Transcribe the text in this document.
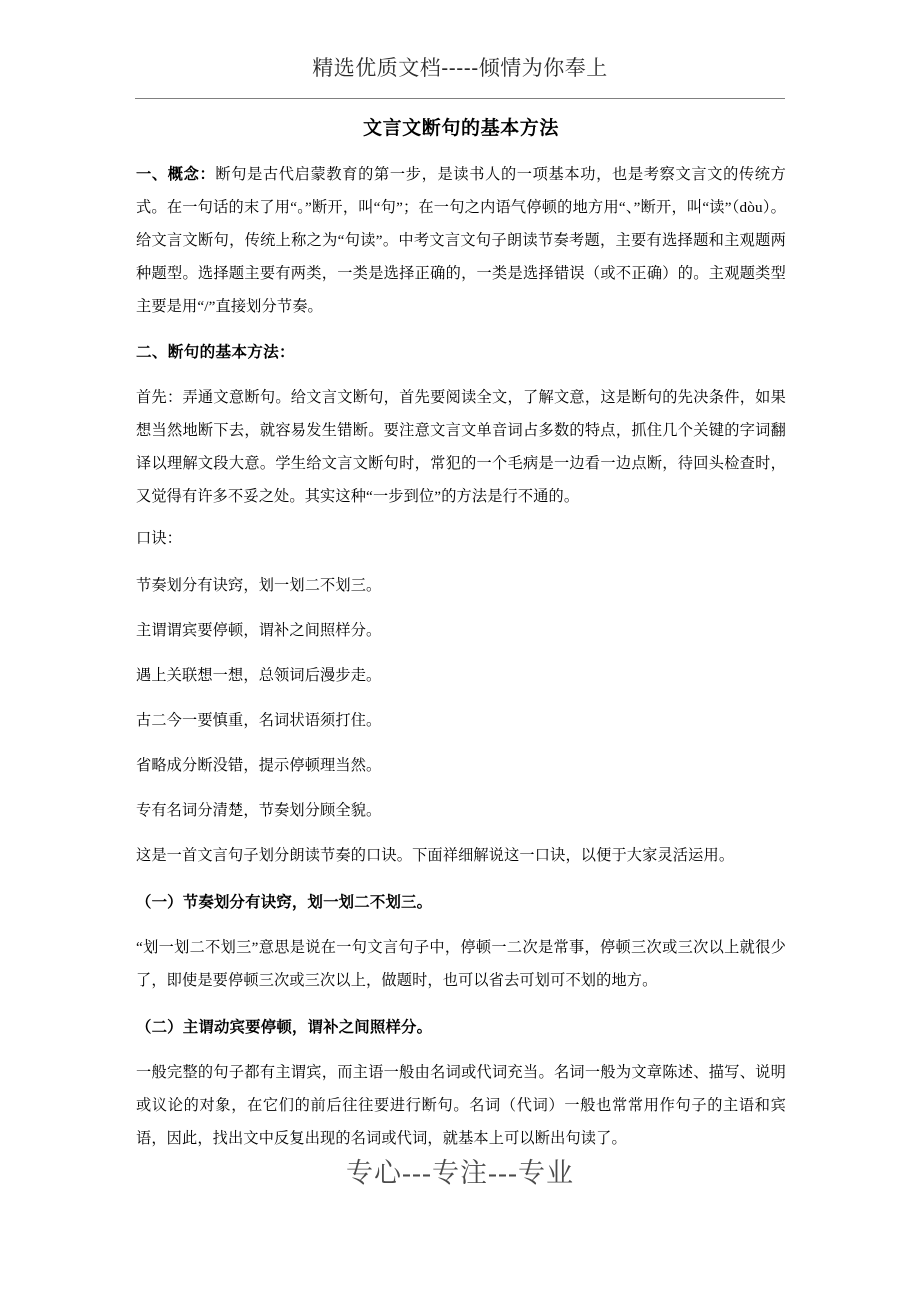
精选优质文档-----倾情为你奉上
文言文断句的基本方法

一、概念：断句是古代启蒙教育的第一步，是读书人的一项基本功，也是考察文言文的传统方式。在一句话的末了用“。”断开，叫“句”；在一句之内语气停顿的地方用“、”断开，叫“读”（dòu）。给文言文断句，传统上称之为“句读”。中考文言文句子朗读节奏考题，主要有选择题和主观题两种题型。选择题主要有两类，一类是选择正确的，一类是选择错误（或不正确）的。主观题类型主要是用“/”直接划分节奏。

二、断句的基本方法：

首先：弄通文意断句。给文言文断句，首先要阅读全文，了解文意，这是断句的先决条件，如果想当然地断下去，就容易发生错断。要注意文言文单音词占多数的特点，抓住几个关键的字词翻译以理解文段大意。学生给文言文断句时，常犯的一个毛病是一边看一边点断，待回头检查时，又觉得有许多不妥之处。其实这种“一步到位”的方法是行不通的。

口诀：

节奏划分有诀窍，划一划二不划三。

主谓谓宾要停顿，谓补之间照样分。

遇上关联想一想，总领词后漫步走。

古二今一要慎重，名词状语须打住。

省略成分断没错，提示停顿理当然。

专有名词分清楚，节奏划分顾全貌。

这是一首文言句子划分朗读节奏的口诀。下面祥细解说这一口诀，以便于大家灵活运用。

（一）节奏划分有诀窍，划一划二不划三。

“划一划二不划三”意思是说在一句文言句子中，停顿一二次是常事，停顿三次或三次以上就很少了，即使是要停顿三次或三次以上，做题时，也可以省去可划可不划的地方。

（二）主谓动宾要停顿，谓补之间照样分。

一般完整的句子都有主谓宾，而主语一般由名词或代词充当。名词一般为文章陈述、描写、说明或议论的对象，在它们的前后往往要进行断句。名词（代词）一般也常常用作句子的主语和宾语，因此，找出文中反复出现的名词或代词，就基本上可以断出句读了。

专心---专注---专业
